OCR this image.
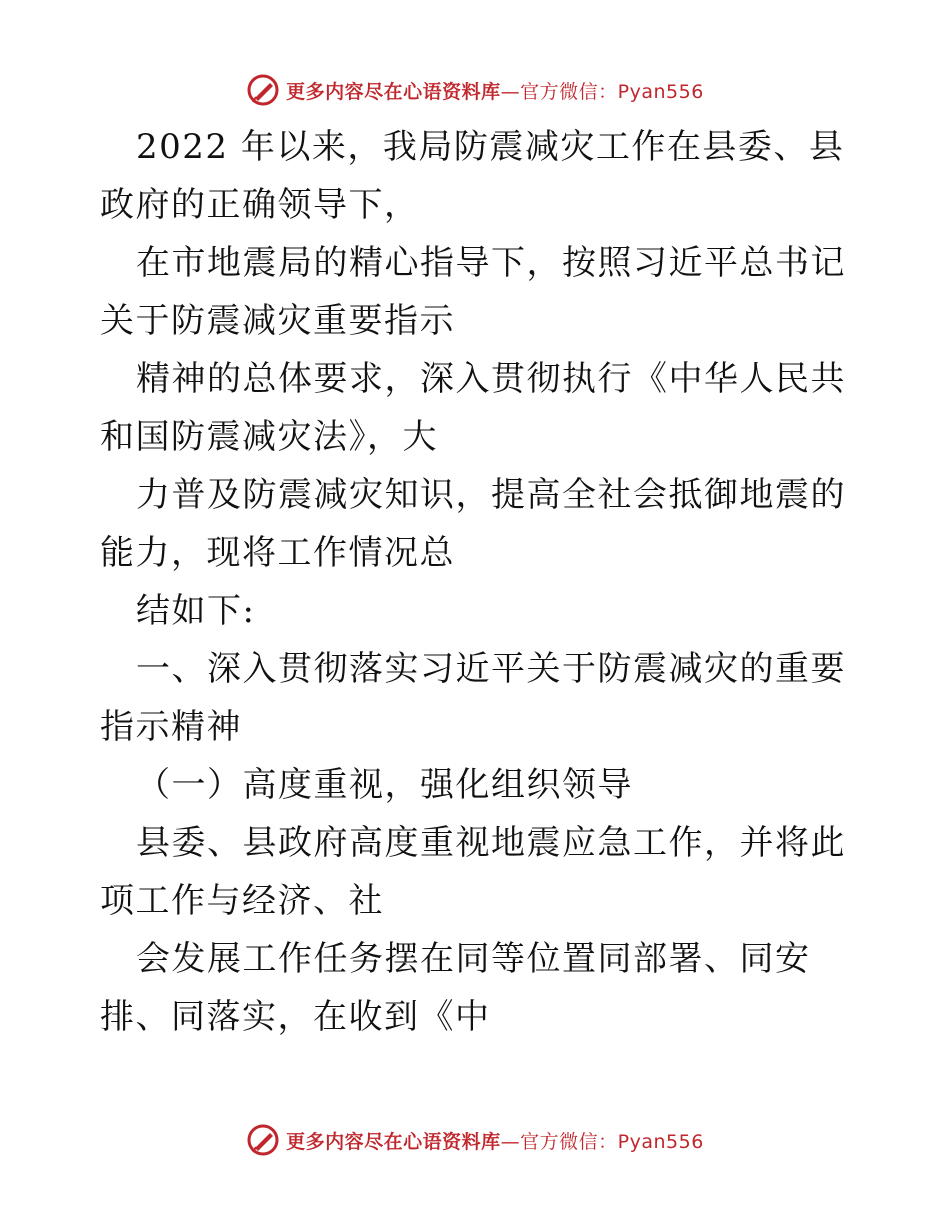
更多内容尽在心语资料库—官方微信：Pyan556

2022 年以来，我局防震减灾工作在县委、县政府的正确领导下，

在市地震局的精心指导下，按照习近平总书记关于防震减灾重要指示

精神的总体要求，深入贯彻执行《中华人民共和国防震减灾法》，大

力普及防震减灾知识，提高全社会抵御地震的能力，现将工作情况总

结如下:

一、深入贯彻落实习近平关于防震减灾的重要指示精神

（一）高度重视，强化组织领导

县委、县政府高度重视地震应急工作，并将此项工作与经济、社

会发展工作任务摆在同等位置同部署、同安排、同落实，在收到《中

更多内容尽在心语资料库—官方微信：Pyan556
